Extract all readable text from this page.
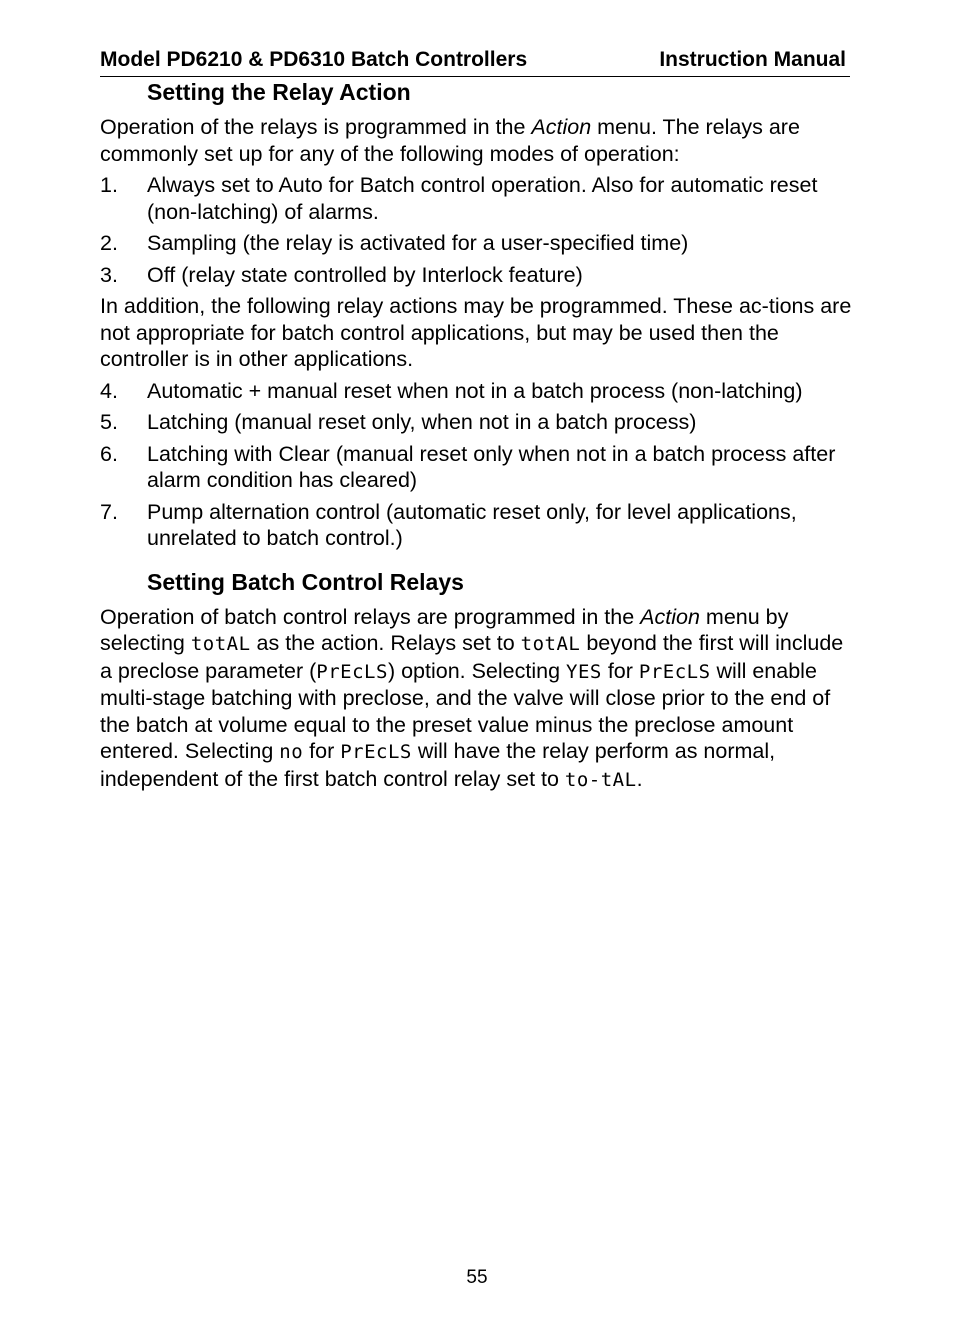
Model PD6210 & PD6310 Batch Controllers	Instruction Manual
Setting the Relay Action

Operation of the relays is programmed in the Action menu. The relays are commonly set up for any of the following modes of operation:

1. Always set to Auto for Batch control operation. Also for automatic reset (non-latching) of alarms.
2. Sampling (the relay is activated for a user-specified time)
3. Off (relay state controlled by Interlock feature)

In addition, the following relay actions may be programmed. These ac-tions are not appropriate for batch control applications, but may be used then the controller is in other applications.

4. Automatic + manual reset when not in a batch process (non-latching)
5. Latching (manual reset only, when not in a batch process)
6. Latching with Clear (manual reset only when not in a batch process after alarm condition has cleared)
7. Pump alternation control (automatic reset only, for level applications, unrelated to batch control.)
Setting Batch Control Relays

Operation of batch control relays are programmed in the Action menu by selecting totAL as the action. Relays set to totAL beyond the first will include a preclose parameter (PrEcLS) option. Selecting YES for PrEcLS will enable multi-stage batching with preclose, and the valve will close prior to the end of the batch at volume equal to the preset value minus the preclose amount entered. Selecting no for PrEcLS will have the relay perform as normal, independent of the first batch control relay set to to-tAL.

55
